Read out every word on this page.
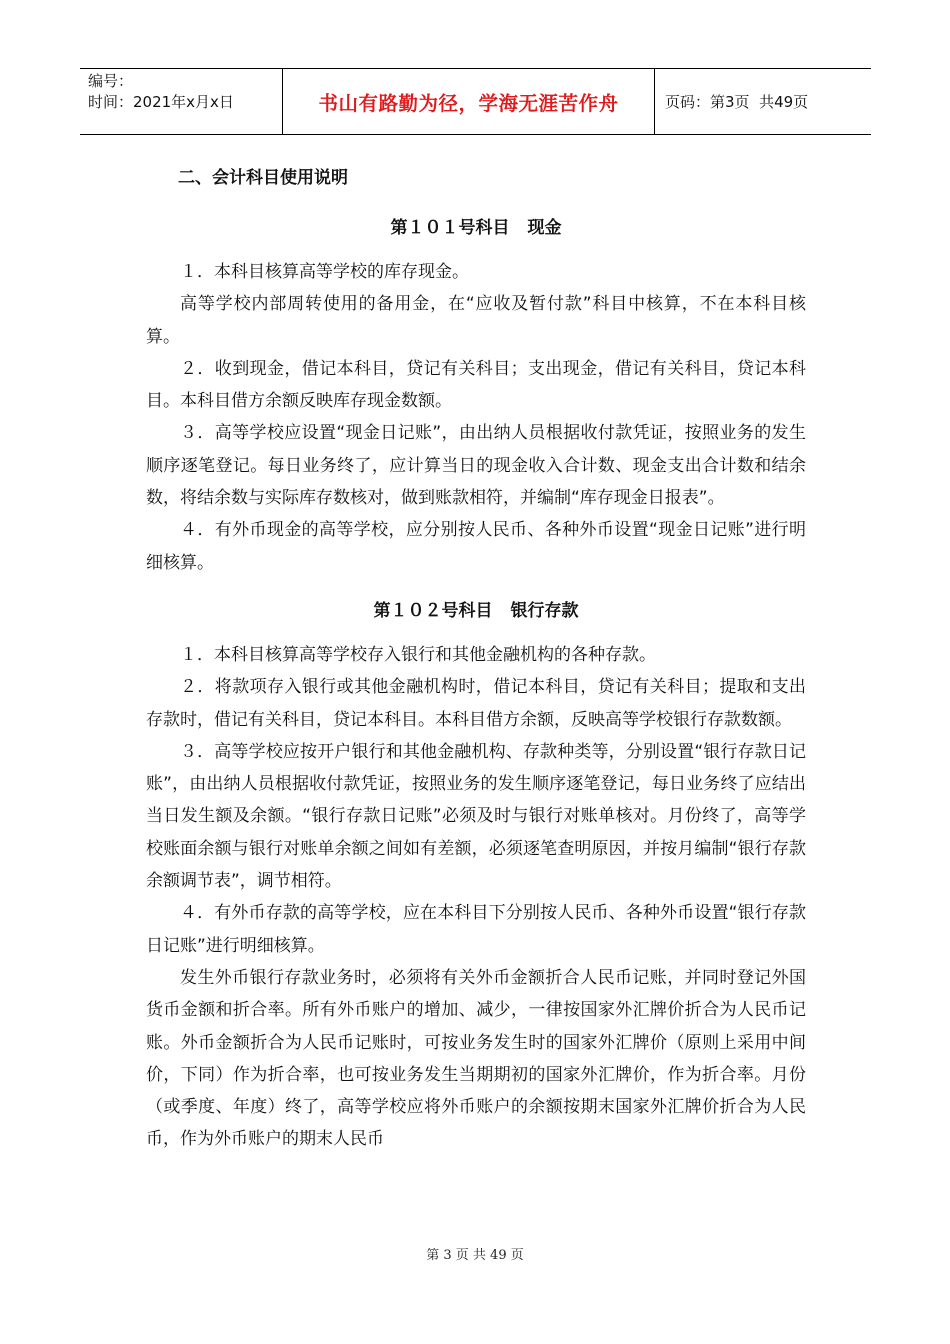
编号：
时间：2021年x月x日	书山有路勤为径，学海无涯苦作舟	页码：第3页  共49页
二、会计科目使用说明
第１０１号科目 现金

１．本科目核算高等学校的库存现金。

高等学校内部周转使用的备用金，在“应收及暂付款”科目中核算，不在本科目核算。

２．收到现金，借记本科目，贷记有关科目；支出现金，借记有关科目，贷记本科目。本科目借方余额反映库存现金数额。

３．高等学校应设置“现金日记账”，由出纳人员根据收付款凭证，按照业务的发生顺序逐笔登记。每日业务终了，应计算当日的现金收入合计数、现金支出合计数和结余数，将结余数与实际库存数核对，做到账款相符，并编制“库存现金日报表”。

４．有外币现金的高等学校，应分别按人民币、各种外币设置“现金日记账”进行明细核算。

第１０２号科目 银行存款

１．本科目核算高等学校存入银行和其他金融机构的各种存款。

２．将款项存入银行或其他金融机构时，借记本科目，贷记有关科目；提取和支出存款时，借记有关科目，贷记本科目。本科目借方余额，反映高等学校银行存款数额。

３．高等学校应按开户银行和其他金融机构、存款种类等，分别设置“银行存款日记账”，由出纳人员根据收付款凭证，按照业务的发生顺序逐笔登记，每日业务终了应结出当日发生额及余额。“银行存款日记账”必须及时与银行对账单核对。月份终了，高等学校账面余额与银行对账单余额之间如有差额，必须逐笔查明原因，并按月编制“银行存款余额调节表”，调节相符。

４．有外币存款的高等学校，应在本科目下分别按人民币、各种外币设置“银行存款日记账”进行明细核算。

发生外币银行存款业务时，必须将有关外币金额折合人民币记账，并同时登记外国货币金额和折合率。所有外币账户的增加、减少，一律按国家外汇牌价折合为人民币记账。外币金额折合为人民币记账时，可按业务发生时的国家外汇牌价（原则上采用中间价，下同）作为折合率，也可按业务发生当期期初的国家外汇牌价，作为折合率。月份（或季度、年度）终了，高等学校应将外币账户的余额按期末国家外汇牌价折合为人民币，作为外币账户的期末人民币

第 3 页 共 49 页
